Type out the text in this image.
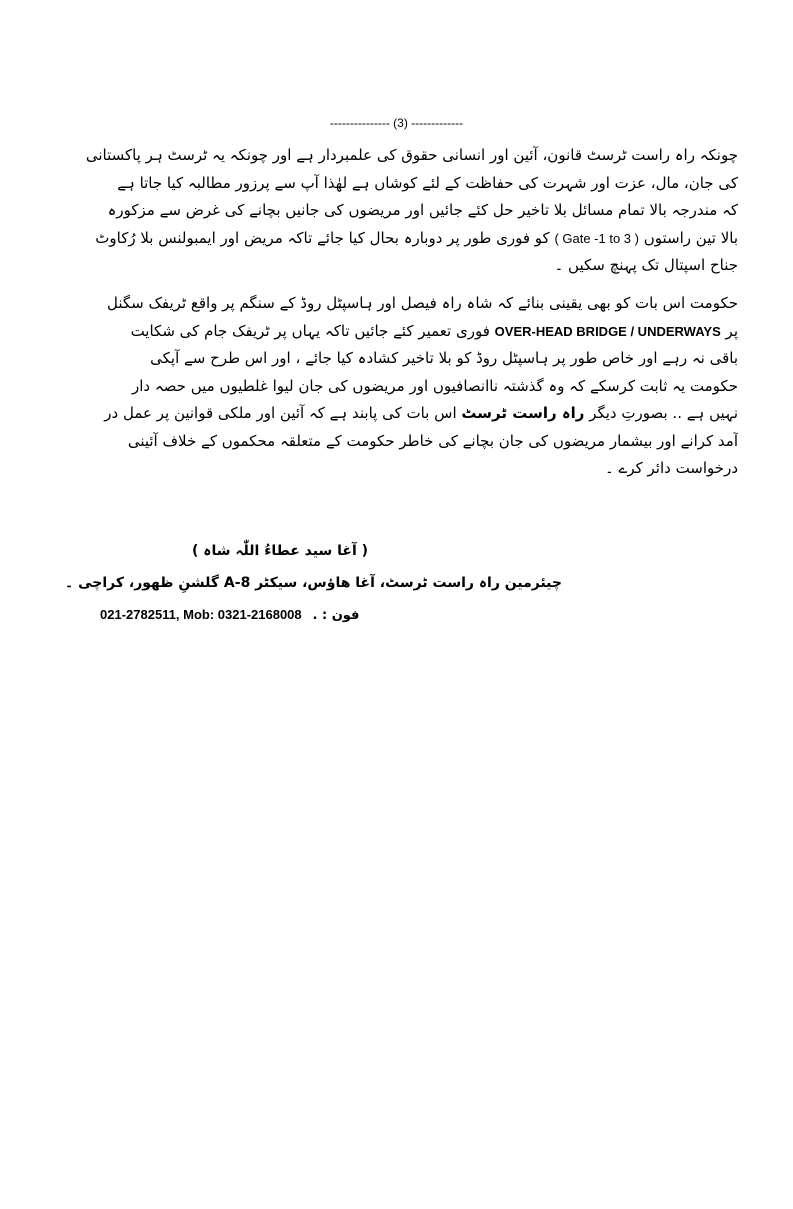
--------------- (3) -------------
چونکہ راہ راست ٹرسٹ قانون، آئین اور انسانی حقوق کی علمبردار ہے اور چونکہ یہ ٹرسٹ ہر پاکستانی
کی جان، مال، عزت اور شہرت کی حفاظت کے لئے کوشاں ہے لھٰذا آپ سے پرزور مطالبہ کیا جاتا ہے
کہ مندرجہ بالا تمام مسائل بلا تاخیر حل کئے جائیں اور مریضوں کی جانیں بچانے کی غرض سے مزکورہ
بالا تین راستوں ( Gate -1 to 3 ) کو فوری طور پر دوبارہ بحال کیا جائے تاکہ مریض اور ایمبولنس بلا رُکاوٹ
جناح اسپتال تک پہنچ سکیں ۔
حکومت اس بات کو بھی یقینی بنائے کہ شاہ راہ فیصل اور ہاسپٹل روڈ کے سنگم پر واقع ٹریفک سگنل
پر OVER-HEAD BRIDGE / UNDERWAYS فوری تعمیر کئے جائیں تاکہ یہاں پر ٹریفک جام کی شکایت
باقی نہ رہے اور خاص طور پر ہاسپٹل روڈ کو بلا تاخیر کشادہ کیا جائے ، اور اس طرح سے آپکی
حکومت یہ ثابت کرسکے کہ وہ گذشتہ ناانصافیوں اور مریضوں کی جان لیوا غلطیوں میں حصہ دار
نہیں ہے .. بصورتِ دیگر راہ راست ٹرسٹ اس بات کی پابند ہے کہ آئین اور ملکی قوانین پر عمل در
آمد کرانے اور بیشمار مریضوں کی جان بچانے کی خاطر حکومت کے متعلقہ محکموں کے خلاف آئینی
درخواست دائر کرے ۔
( آغا سید عطاءُ اللّٰہ شاہ )
چیئرمین راہ راست ٹرسٹ، آغا ھاؤس، سیکٹر 8-A گلشنِ ظھور، کراچی ۔
021-2782511, Mob: 0321-2168008 فون : .
